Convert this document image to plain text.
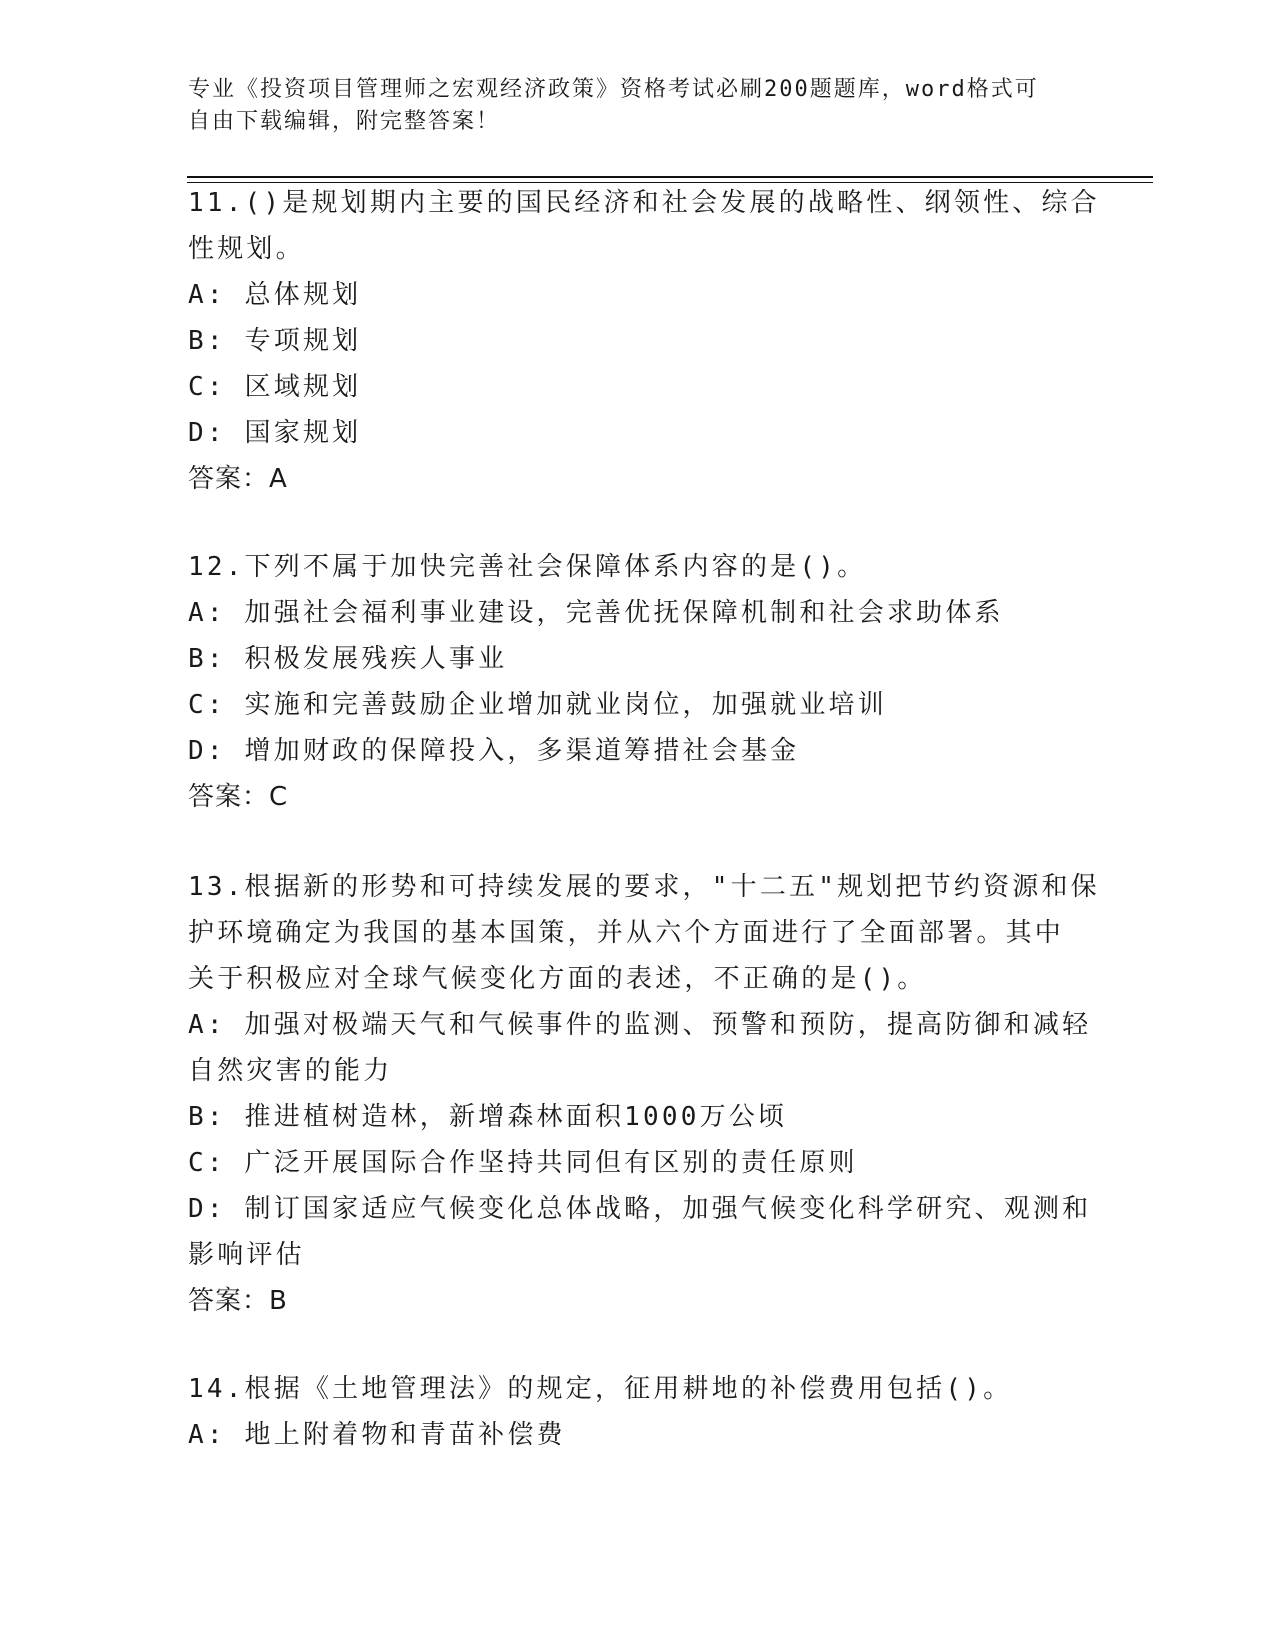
专业《投资项目管理师之宏观经济政策》资格考试必刷200题题库，word格式可
自由下载编辑，附完整答案！
11.()是规划期内主要的国民经济和社会发展的战略性、纲领性、综合
性规划。
A: 总体规划
B: 专项规划
C: 区域规划
D: 国家规划
答案：A
12.下列不属于加快完善社会保障体系内容的是()。
A: 加强社会福利事业建设，完善优抚保障机制和社会求助体系
B: 积极发展残疾人事业
C: 实施和完善鼓励企业增加就业岗位，加强就业培训
D: 增加财政的保障投入，多渠道筹措社会基金
答案：C
13.根据新的形势和可持续发展的要求，"十二五"规划把节约资源和保
护环境确定为我国的基本国策，并从六个方面进行了全面部署。其中
关于积极应对全球气候变化方面的表述，不正确的是()。
A: 加强对极端天气和气候事件的监测、预警和预防，提高防御和减轻
自然灾害的能力
B: 推进植树造林，新增森林面积1000万公顷
C: 广泛开展国际合作坚持共同但有区别的责任原则
D: 制订国家适应气候变化总体战略，加强气候变化科学研究、观测和
影响评估
答案：B
14.根据《土地管理法》的规定，征用耕地的补偿费用包括()。
A: 地上附着物和青苗补偿费
